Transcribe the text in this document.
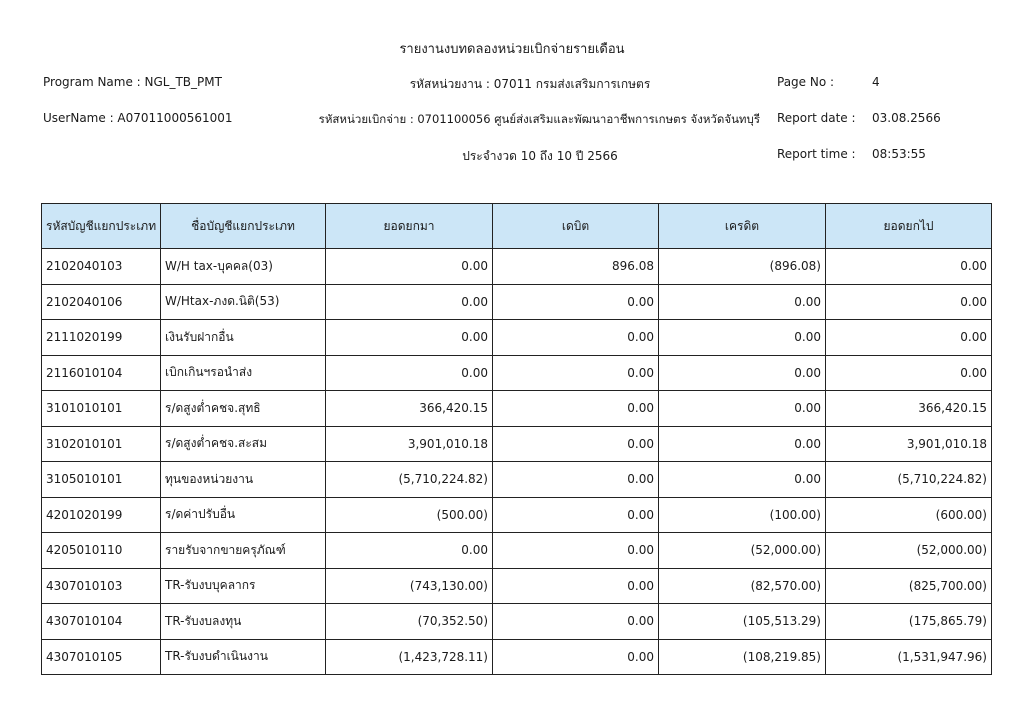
รายงานงบทดลองหน่วยเบิกจ่ายรายเดือน
Program Name : NGL_TB_PMT	รหัสหน่วยงาน : 07011 กรมส่งเสริมการเกษตร	Page No :	4
UserName : A07011000561001	รหัสหน่วยเบิกจ่าย : 0701100056 ศูนย์ส่งเสริมและพัฒนาอาชีพการเกษตร จังหวัดจันทบุรี Report date : 03.08.2566
ประจำงวด 10 ถึง 10 ปี 2566	Report time : 08:53:55
รหัสบัญชีแยกประเภท	ชื่อบัญชีแยกประเภท	ยอดยกมา	เดบิต	เครดิต	ยอดยกไป
2102040103	W/H tax-บุคคล(03)	0.00	896.08	(896.08)	0.00
2102040106	W/Htax-ภงด.นิติ(53)	0.00	0.00	0.00	0.00
2111020199	เงินรับฝากอื่น	0.00	0.00	0.00	0.00
2116010104	เบิกเกินฯรอนำส่ง	0.00	0.00	0.00	0.00
3101010101	ร/ดสูงต่ำคชจ.สุทธิ	366,420.15	0.00	0.00	366,420.15
3102010101	ร/ดสูงต่ำคชจ.สะสม	3,901,010.18	0.00	0.00	3,901,010.18
3105010101	ทุนของหน่วยงาน	(5,710,224.82)	0.00	0.00	(5,710,224.82)
4201020199	ร/ดค่าปรับอื่น	(500.00)	0.00	(100.00)	(600.00)
4205010110	รายรับจากขายครุภัณฑ์	0.00	0.00	(52,000.00)	(52,000.00)
4307010103	TR-รับงบบุคลากร	(743,130.00)	0.00	(82,570.00)	(825,700.00)
4307010104	TR-รับงบลงทุน	(70,352.50)	0.00	(105,513.29)	(175,865.79)
4307010105	TR-รับงบดำเนินงาน	(1,423,728.11)	0.00	(108,219.85)	(1,531,947.96)
